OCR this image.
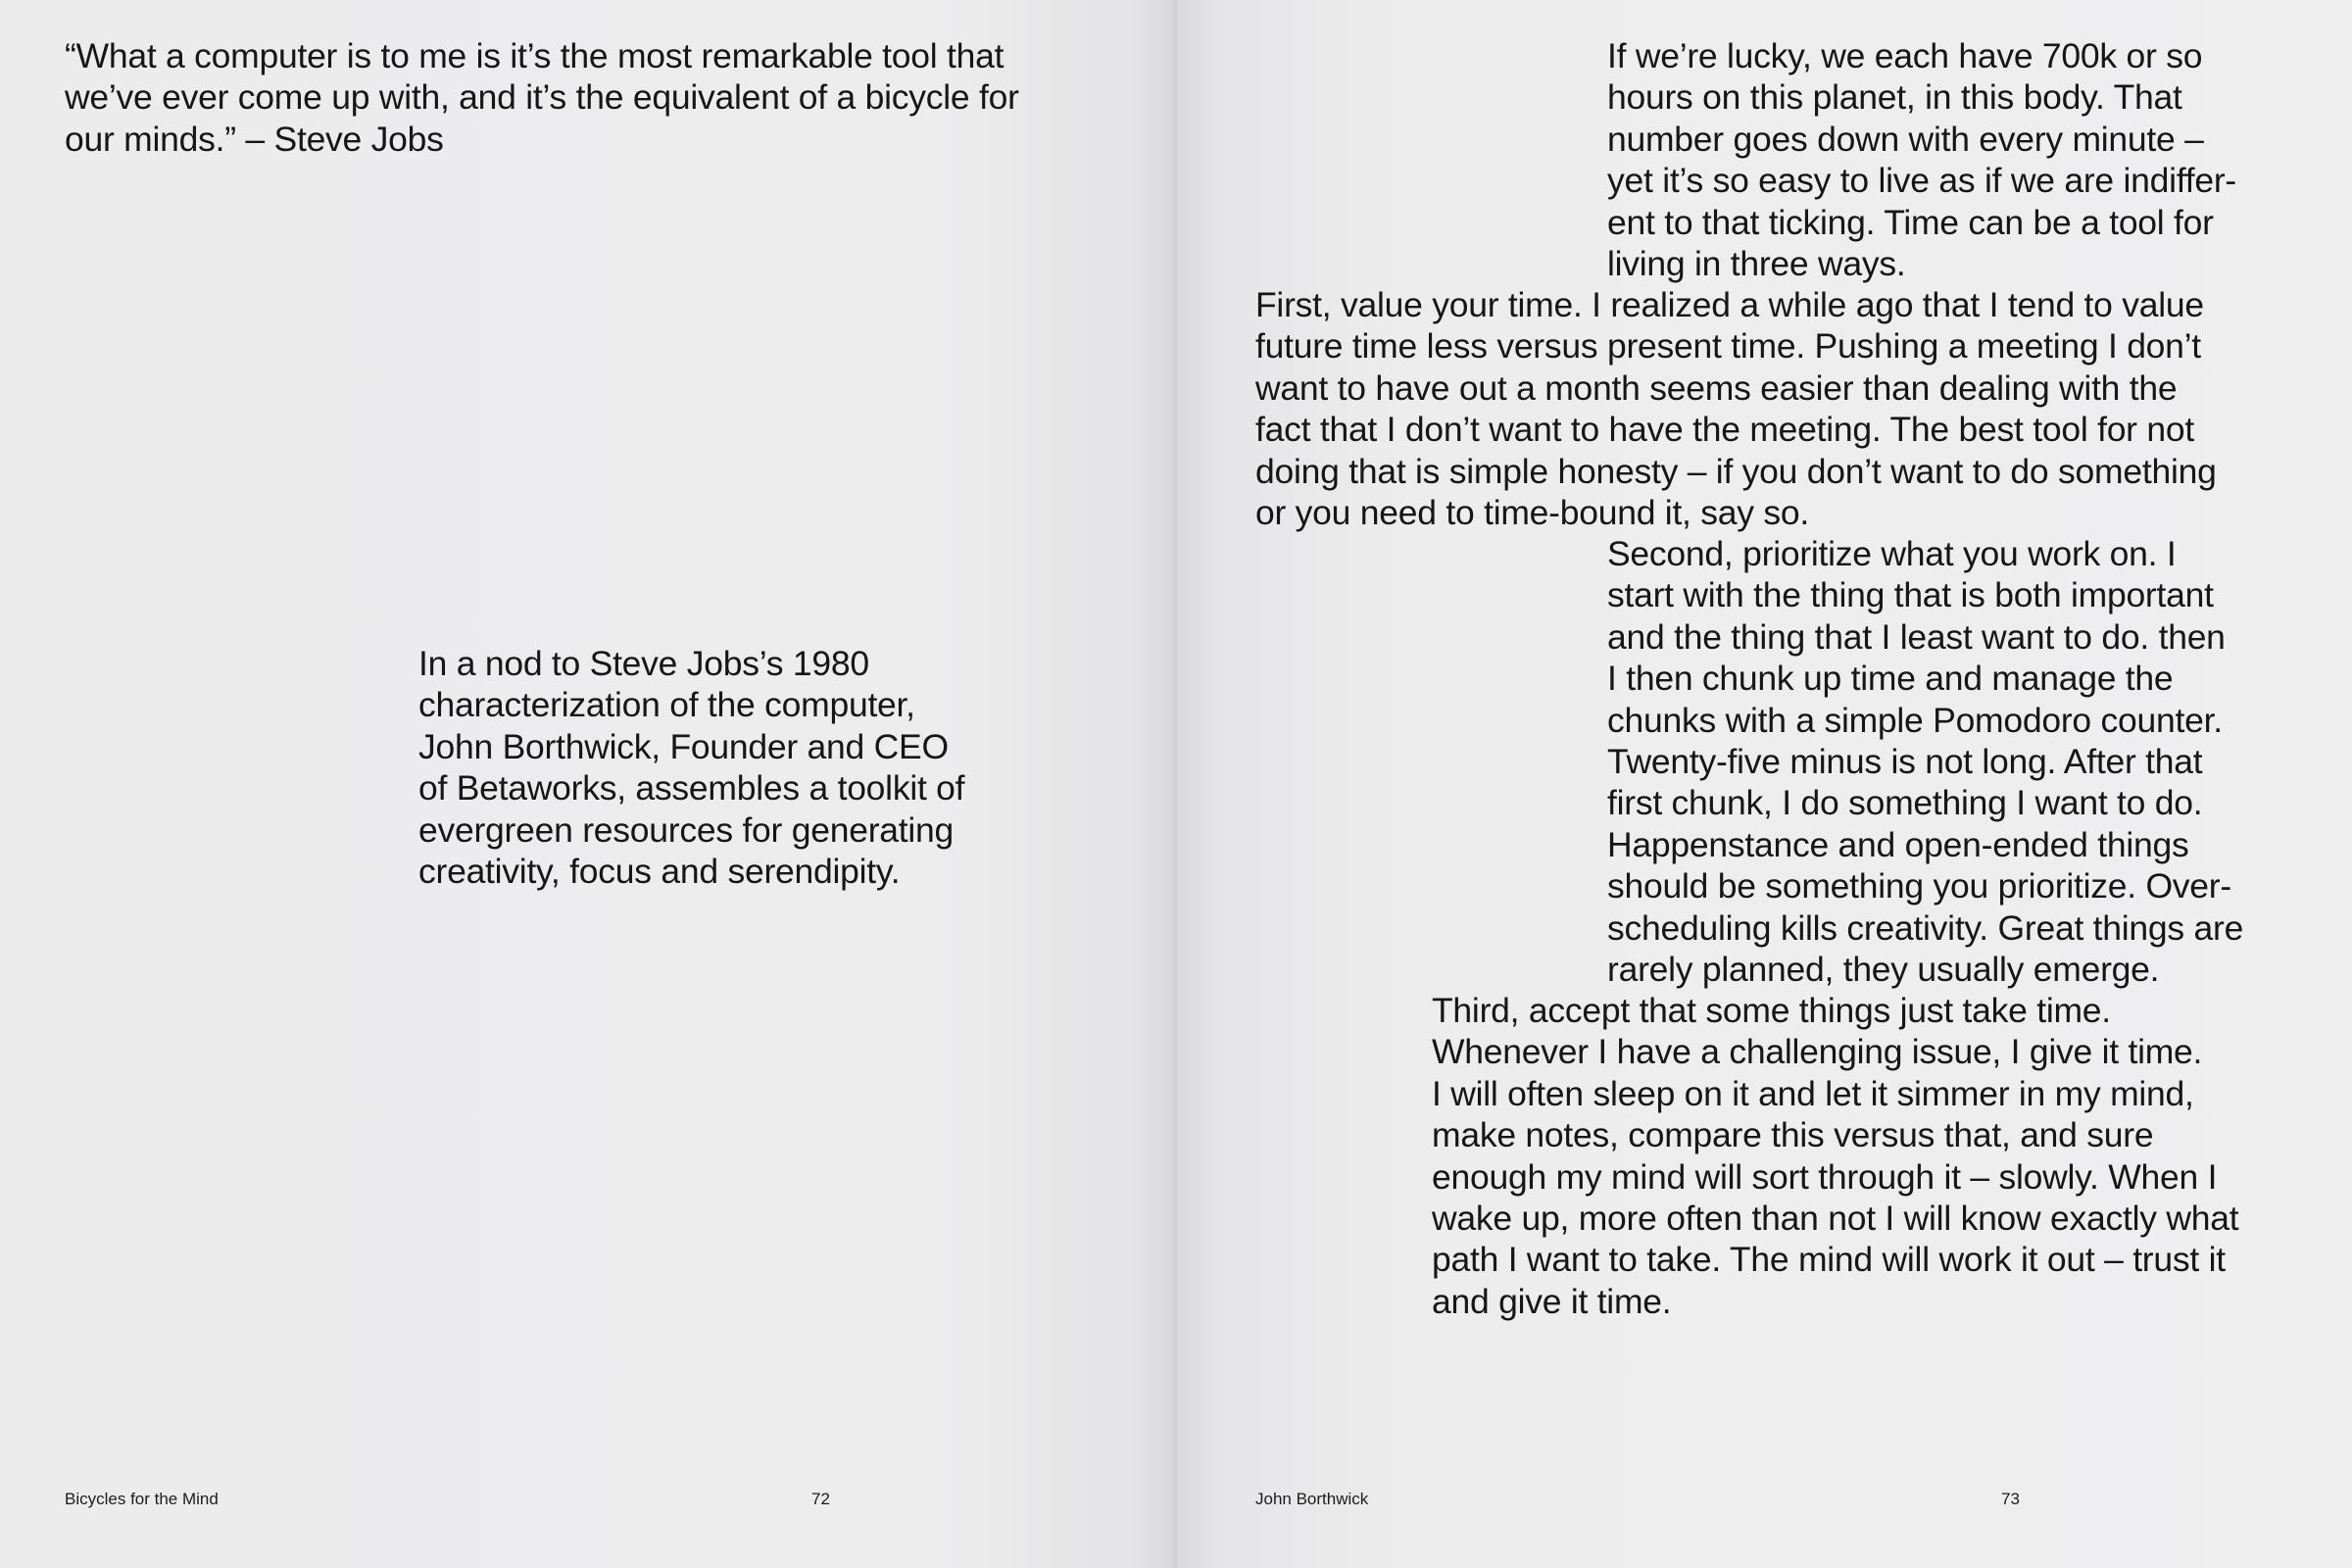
“What a computer is to me is it’s the most remarkable tool that
we’ve ever come up with, and it’s the equivalent of a bicycle for
our minds.” – Steve Jobs

In a nod to Steve Jobs’s 1980
characterization of the computer,
John Borthwick, Founder and CEO
of Betaworks, assembles a toolkit of
evergreen resources for generating
creativity, focus and serendipity.

Bicycles for the Mind	72

If we’re lucky, we each have 700k or so
hours on this planet, in this body. That
number goes down with every minute –
yet it’s so easy to live as if we are indiffer-
ent to that ticking. Time can be a tool for
living in three ways.

First, value your time. I realized a while ago that I tend to value
future time less versus present time. Pushing a meeting I don’t
want to have out a month seems easier than dealing with the
fact that I don’t want to have the meeting. The best tool for not
doing that is simple honesty – if you don’t want to do something
or you need to time-bound it, say so.

Second, prioritize what you work on. I
start with the thing that is both important
and the thing that I least want to do. then
I then chunk up time and manage the
chunks with a simple Pomodoro counter.
Twenty-five minus is not long. After that
first chunk, I do something I want to do.
Happenstance and open-ended things
should be something you prioritize. Over-
scheduling kills creativity. Great things are
rarely planned, they usually emerge.

Third, accept that some things just take time.
Whenever I have a challenging issue, I give it time.
I will often sleep on it and let it simmer in my mind,
make notes, compare this versus that, and sure
enough my mind will sort through it – slowly. When I
wake up, more often than not I will know exactly what
path I want to take. The mind will work it out – trust it
and give it time.

John Borthwick	73
